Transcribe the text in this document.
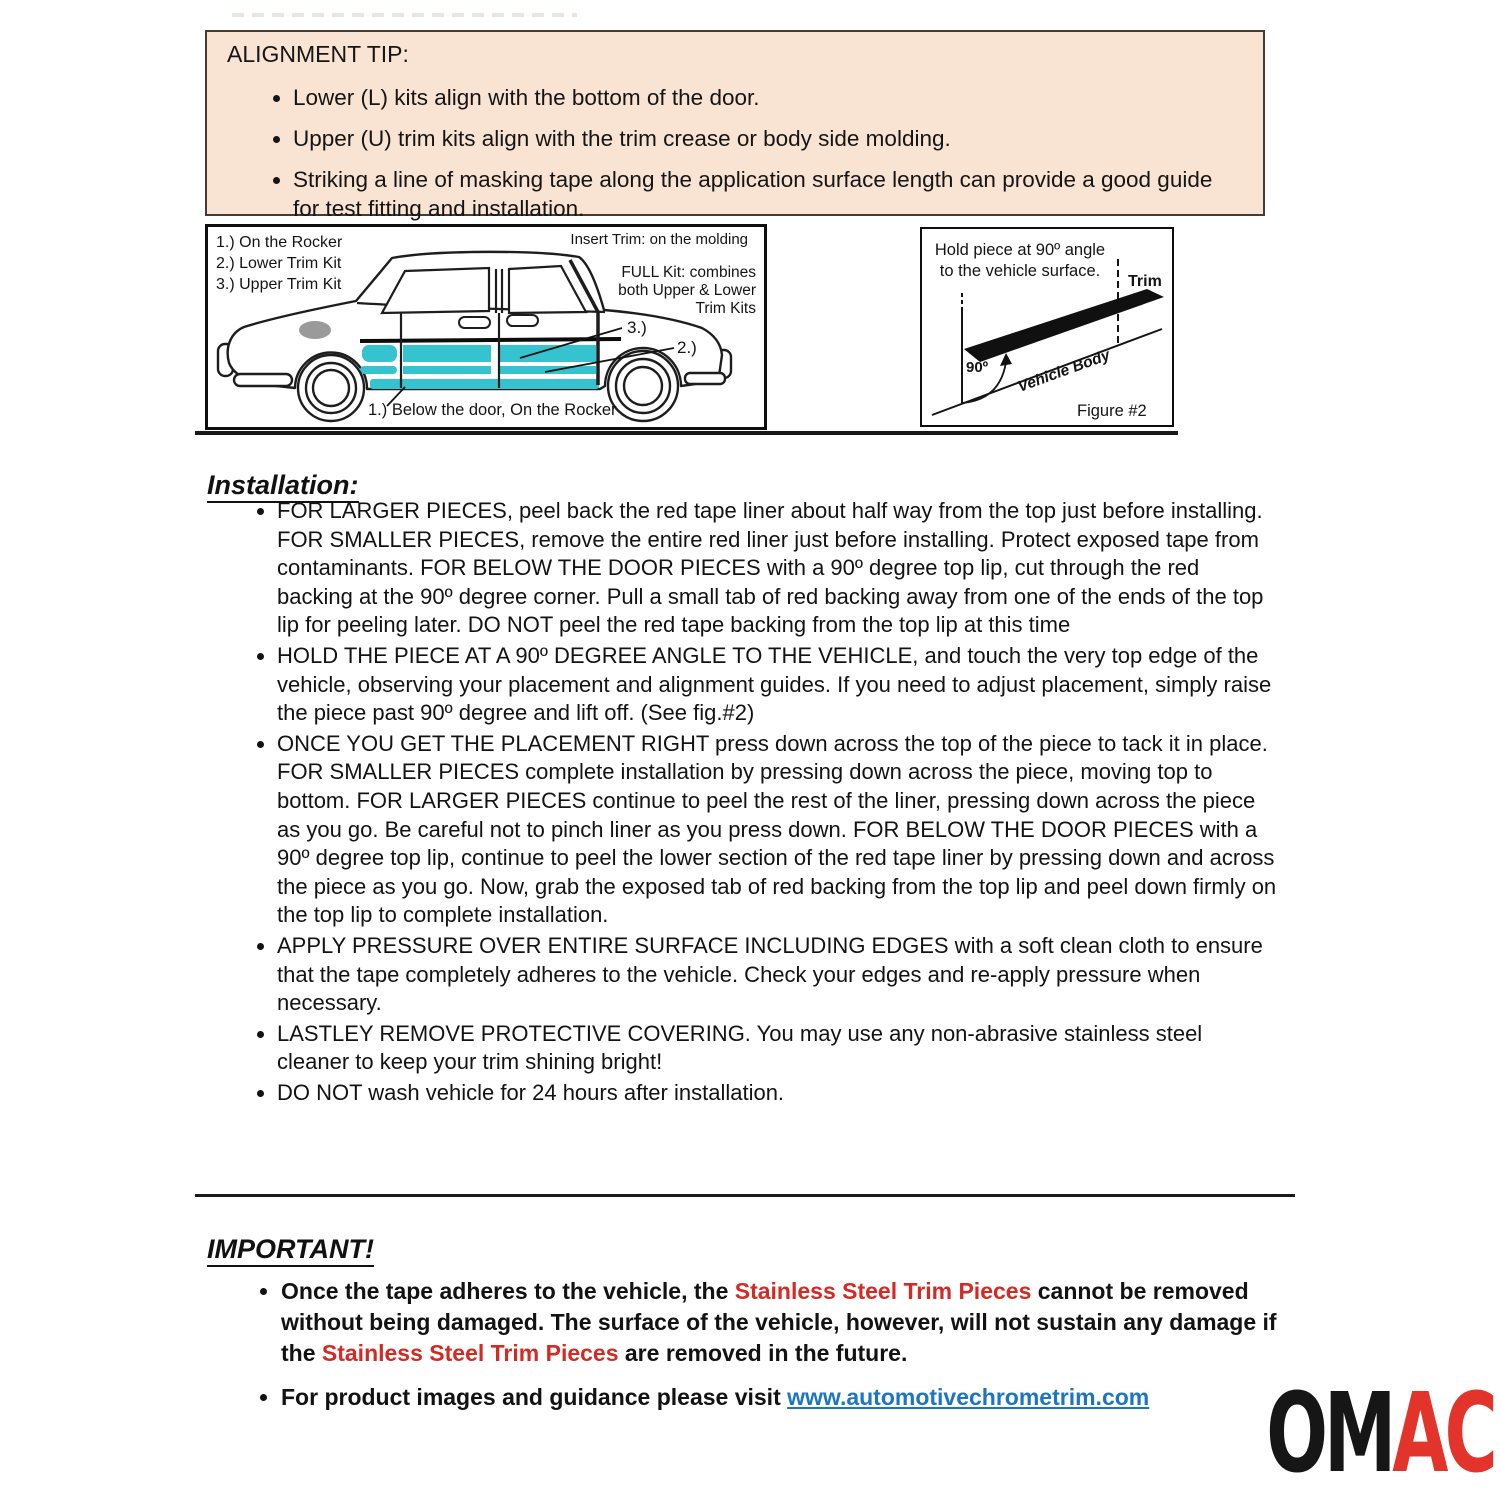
ALIGNMENT TIP:
• Lower (L) kits align with the bottom of the door.
• Upper (U) trim kits align with the trim crease or body side molding.
• Striking a line of masking tape along the application surface length can provide a good guide for test fitting and installation.
1.) On the Rocker
2.) Lower Trim Kit
3.) Upper Trim Kit
Insert Trim: on the molding
FULL Kit: combines
both Upper & Lower
Trim Kits
3.)
2.)
1.) Below the door, On the Rocker
Hold piece at 90º angle
to the vehicle surface.
90º
Trim
Vehicle Body
Figure #2
Installation:
• FOR LARGER PIECES, peel back the red tape liner about half way from the top just before installing. FOR SMALLER PIECES, remove the entire red liner just before installing. Protect exposed tape from contaminants. FOR BELOW THE DOOR PIECES with a 90º degree top lip, cut through the red backing at the 90º degree corner. Pull a small tab of red backing away from one of the ends of the top lip for peeling later. DO NOT peel the red tape backing from the top lip at this time
• HOLD THE PIECE AT A 90º DEGREE ANGLE TO THE VEHICLE, and touch the very top edge of the vehicle, observing your placement and alignment guides. If you need to adjust placement, simply raise the piece past 90º degree and lift off. (See fig.#2)
• ONCE YOU GET THE PLACEMENT RIGHT press down across the top of the piece to tack it in place. FOR SMALLER PIECES complete installation by pressing down across the piece, moving top to bottom. FOR LARGER PIECES continue to peel the rest of the liner, pressing down across the piece as you go. Be careful not to pinch liner as you press down. FOR BELOW THE DOOR PIECES with a 90º degree top lip, continue to peel the lower section of the red tape liner by pressing down and across the piece as you go. Now, grab the exposed tab of red backing from the top lip and peel down firmly on the top lip to complete installation.
• APPLY PRESSURE OVER ENTIRE SURFACE INCLUDING EDGES with a soft clean cloth to ensure that the tape completely adheres to the vehicle. Check your edges and re-apply pressure when necessary.
• LASTLEY REMOVE PROTECTIVE COVERING. You may use any non-abrasive stainless steel cleaner to keep your trim shining bright!
• DO NOT wash vehicle for 24 hours after installation.
IMPORTANT!
• Once the tape adheres to the vehicle, the Stainless Steel Trim Pieces cannot be removed without being damaged. The surface of the vehicle, however, will not sustain any damage if the Stainless Steel Trim Pieces are removed in the future.
• For product images and guidance please visit www.automotivechrometrim.com	OMAC
